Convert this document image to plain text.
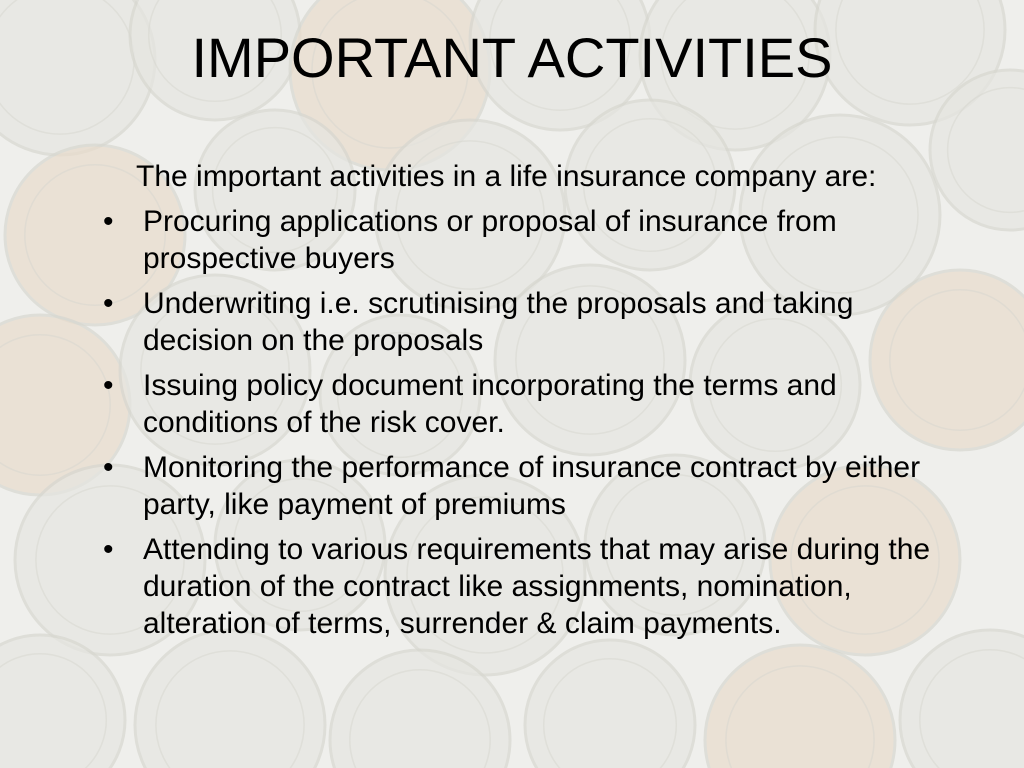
IMPORTANT ACTIVITIES

The important activities in a life insurance company are:

• Procuring applications or proposal of insurance from prospective buyers
• Underwriting i.e. scrutinising the proposals and taking decision on the proposals
• Issuing policy document incorporating the terms and conditions of the risk cover.
• Monitoring the performance of insurance contract by either party, like payment of premiums
• Attending to various requirements that may arise during the duration of the contract like assignments, nomination, alteration of terms, surrender & claim payments.
